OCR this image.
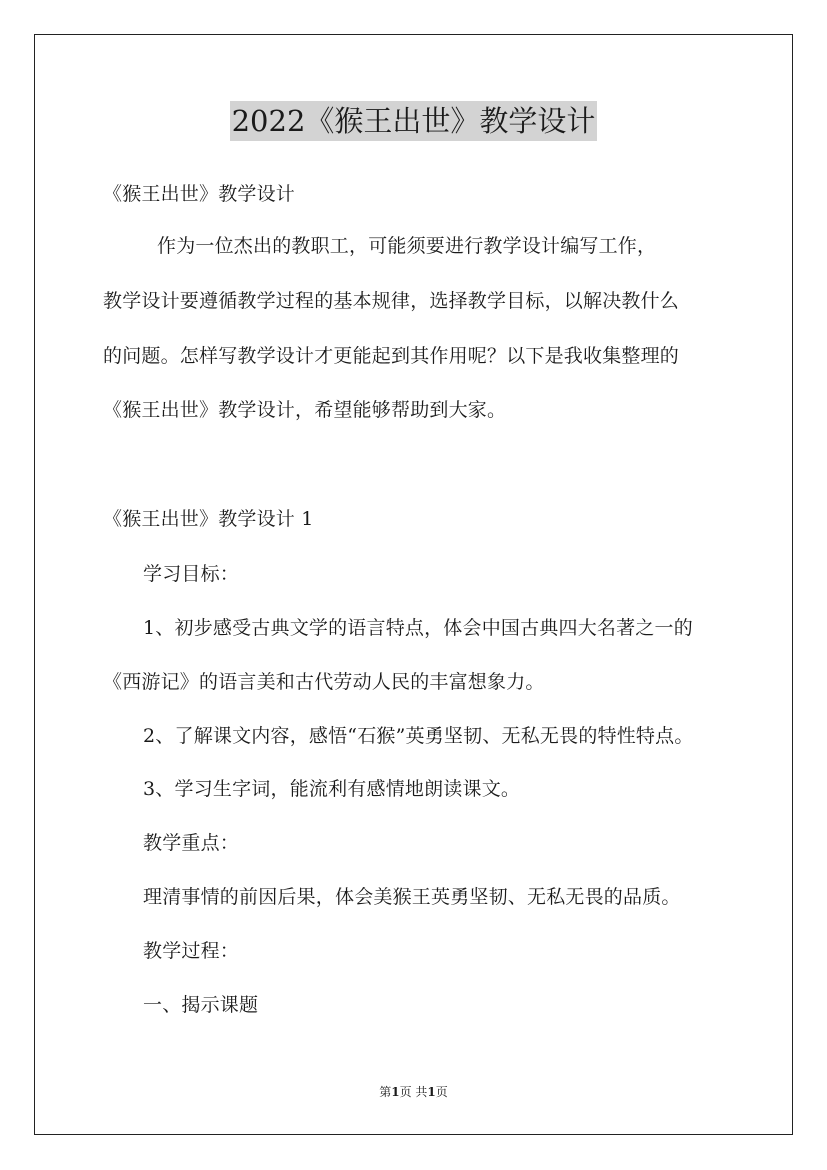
2022《猴王出世》教学设计
《猴王出世》教学设计
作为一位杰出的教职工，可能须要进行教学设计编写工作，
教学设计要遵循教学过程的基本规律，选择教学目标，以解决教什么
的问题。怎样写教学设计才更能起到其作用呢？以下是我收集整理的
《猴王出世》教学设计，希望能够帮助到大家。
《猴王出世》教学设计 1
学习目标：
1、初步感受古典文学的语言特点，体会中国古典四大名著之一的
《西游记》的语言美和古代劳动人民的丰富想象力。
2、了解课文内容，感悟“石猴”英勇坚韧、无私无畏的特性特点。
3、学习生字词，能流利有感情地朗读课文。
教学重点：
理清事情的前因后果，体会美猴王英勇坚韧、无私无畏的品质。
教学过程：
一、揭示课题
第1页 共1页
